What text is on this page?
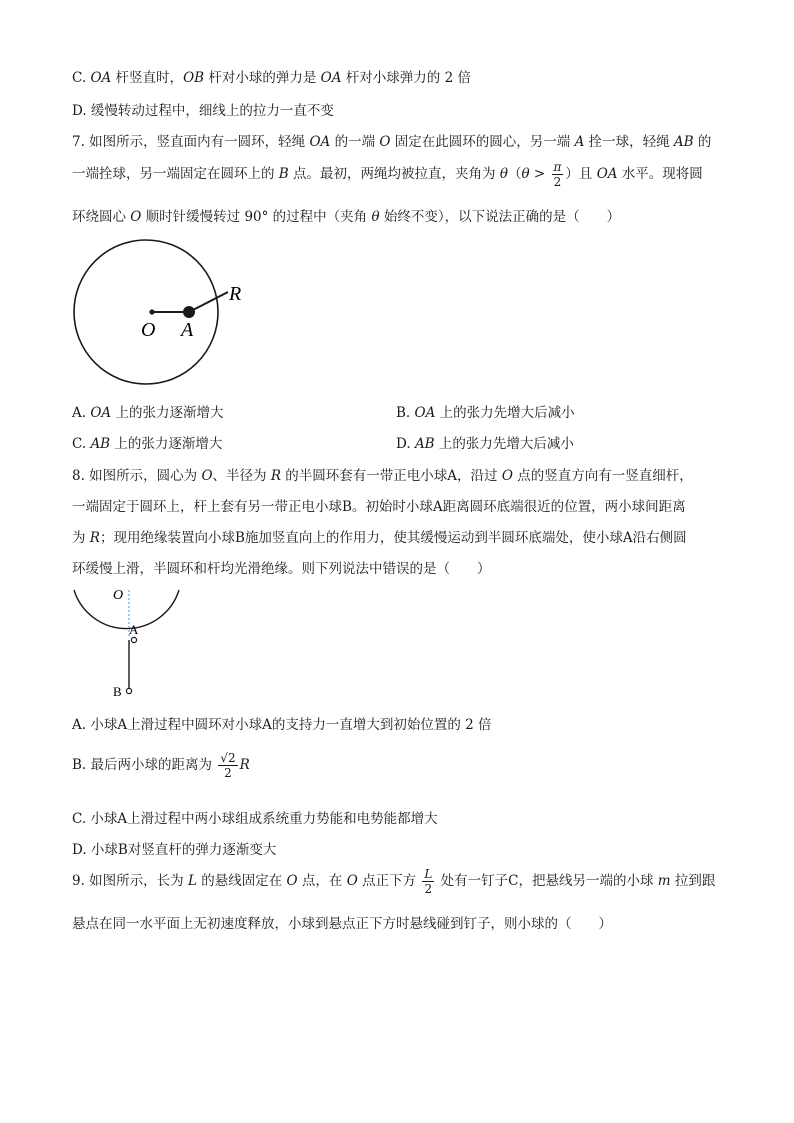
C. OA 杆竖直时，OB 杆对小球的弹力是 OA 杆对小球弹力的 2 倍
D. 缓慢转动过程中，细线上的拉力一直不变
7. 如图所示，竖直面内有一圆环，轻绳 OA 的一端 O 固定在此圆环的圆心，另一端 A 拴一球，轻绳 AB 的
一端拴球，另一端固定在圆环上的 B 点。最初，两绳均被拉直，夹角为 $\theta(\theta > \frac{\pi}{2}$ ）且 OA 水平。现将圆
环绕圆心 O 顺时针缓慢转过 90° 的过程中（夹角 θ 始终不变），以下说法正确的是（　　）
O A
R
A. OA 上的张力逐渐增大	B. OA 上的张力先增大后减小
C. AB 上的张力逐渐增大	D. AB 上的张力先增大后减小
8. 如图所示，圆心为 O、半径为 R 的半圆环套有一带正电小球A，沿过 O 点的竖直方向有一竖直细杆，
一端固定于圆环上，杆上套有另一带正电小球B。初始时小球A距离圆环底端很近的位置，两小球间距离
为 R；现用绝缘装置向小球B施加竖直向上的作用力，使其缓慢运动到半圆环底端处，使小球A沿右侧圆
环缓慢上滑，半圆环和杆均光滑绝缘。则下列说法中错误的是（　　）
O
A
B
A. 小球A上滑过程中圆环对小球A的支持力一直增大到初始位置的 2 倍
B. 最后两小球的距离为 $\frac{√2}{2}$ R
C. 小球A上滑过程中两小球组成系统重力势能和电势能都增大
D. 小球B对竖直杆的弹力逐渐变大
9. 如图所示，长为 L 的悬线固定在 O 点，在 O 点正下方 $\frac{L}{2}$ 处有一钉子C，把悬线另一端的小球 m 拉到跟
悬点在同一水平面上无初速度释放，小球到悬点正下方时悬线碰到钉子，则小球的（　　）
